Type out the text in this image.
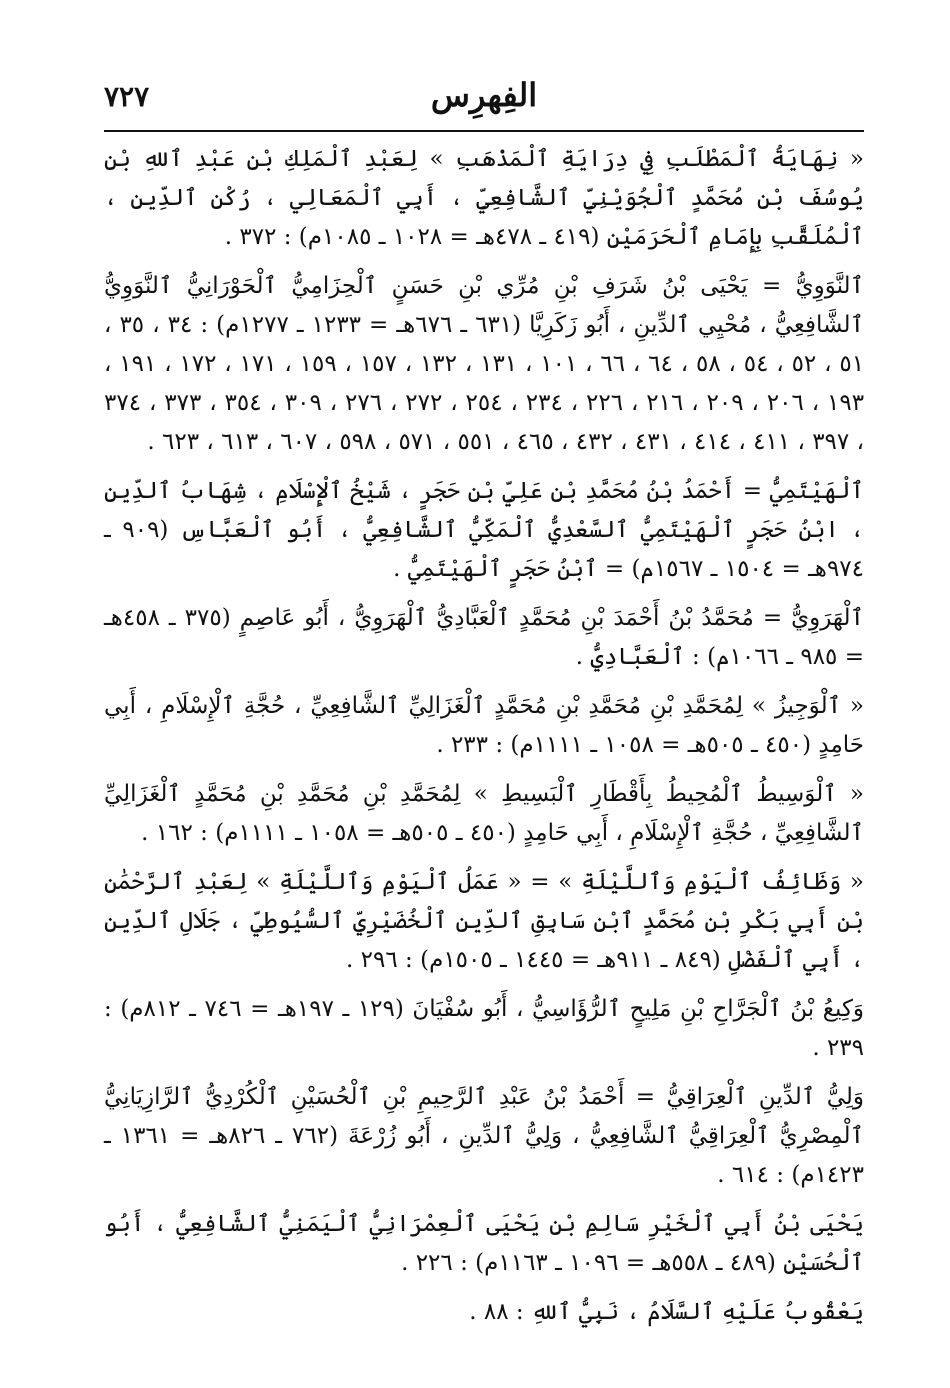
٧٢٧	الفِهرِس

« نِهَايَةُ ٱلْمَطْلَبِ فِي دِرَايَةِ ٱلْمَذْهَبِ » لِعَبْدِ ٱلْمَلِكِ بْنِ عَبْدِ ٱللهِ بْنِ يُوسُفَ بْنِ مُحَمَّدٍ ٱلْجُوَيْنِيِّ ٱلشَّافِعِيِّ ، أَبِي ٱلْمَعَالِي ، رُكْنِ ٱلدِّينِ ، ٱلْمُلَقَّبِ بِإِمَامِ ٱلْحَرَمَيْنِ (٤١٩ ـ ٤٧٨هـ = ١٠٢٨ ـ ١٠٨٥م) : ٣٧٢ .

ٱلنَّوَوِيُّ = يَحْيَى بْنُ شَرَفِ بْنِ مُرِّي بْنِ حَسَنٍ ٱلْحِزَامِيُّ ٱلْحَوْرَانِيُّ ٱلنَّوَوِيُّ ٱلشَّافِعِيُّ ، مُحْيِي ٱلدِّينِ ، أَبُو زَكَرِيَّا (٦٣١ ـ ٦٧٦هـ = ١٢٣٣ ـ ١٢٧٧م) : ٣٤ ، ٣٥ ، ٥١ ، ٥٢ ، ٥٤ ، ٥٨ ، ٦٤ ، ٦٦ ، ١٠١ ، ١٣١ ، ١٣٢ ، ١٥٧ ، ١٥٩ ، ١٧١ ، ١٧٢ ، ١٩١ ، ١٩٣ ، ٢٠٦ ، ٢٠٩ ، ٢١٦ ، ٢٢٦ ، ٢٣٤ ، ٢٥٤ ، ٢٧٢ ، ٢٧٦ ، ٣٠٩ ، ٣٥٤ ، ٣٧٣ ، ٣٧٤ ، ٣٩٧ ، ٤١١ ، ٤١٤ ، ٤٣١ ، ٤٣٢ ، ٤٦٥ ، ٥٥١ ، ٥٧١ ، ٥٩٨ ، ٦٠٧ ، ٦١٣ ، ٦٢٣ .

ٱلْهَيْتَمِيُّ = أَحْمَدُ بْنُ مُحَمَّدِ بْنِ عَلِيِّ بْنِ حَجَرٍ ، شَيْخُ ٱلْإِسْلَامِ ، شِهَابُ ٱلدِّينِ ، ابْنُ حَجَرٍ ٱلْهَيْتَمِيُّ ٱلسَّعْدِيُّ ٱلْمَكِّيُّ ٱلشَّافِعِيُّ ، أَبُو ٱلْعَبَّاسِ (٩٠٩ ـ ٩٧٤هـ = ١٥٠٤ ـ ١٥٦٧م) = ٱبْنُ حَجَرٍ ٱلْهَيْتَمِيُّ .

ٱلْهَرَوِيُّ = مُحَمَّدُ بْنُ أَحْمَدَ بْنِ مُحَمَّدٍ ٱلْعَبَّادِيُّ ٱلْهَرَوِيُّ ، أَبُو عَاصِمٍ (٣٧٥ ـ ٤٥٨هـ = ٩٨٥ ـ ١٠٦٦م) : ٱلْعَبَّادِيُّ .

« ٱلْوَجِيزُ » لِمُحَمَّدِ بْنِ مُحَمَّدِ بْنِ مُحَمَّدٍ ٱلْغَزَالِيِّ ٱلشَّافِعِيِّ ، حُجَّةِ ٱلْإِسْلَامِ ، أَبِي حَامِدٍ (٤٥٠ ـ ٥٠٥هـ = ١٠٥٨ ـ ١١١١م) : ٢٣٣ .

« ٱلْوَسِيطُ ٱلْمُحِيطُ بِأَقْطَارِ ٱلْبَسِيطِ » لِمُحَمَّدِ بْنِ مُحَمَّدِ بْنِ مُحَمَّدٍ ٱلْغَزَالِيِّ ٱلشَّافِعِيِّ ، حُجَّةِ ٱلْإِسْلَامِ ، أَبِي حَامِدٍ (٤٥٠ ـ ٥٠٥هـ = ١٠٥٨ ـ ١١١١م) : ١٦٢ .

« وَظَائِفُ ٱلْيَوْمِ وَٱللَّيْلَةِ » = « عَمَلُ ٱلْيَوْمِ وَٱللَّيْلَةِ » لِعَبْدِ ٱلرَّحْمَٰنِ بْنِ أَبِي بَكْرِ بْنِ مُحَمَّدٍ ٱبْنِ سَابِقِ ٱلدِّينِ ٱلْخُضَيْرِيِّ ٱلسُّيُوطِيِّ ، جَلَالِ ٱلدِّينِ ، أَبِي ٱلْفَضْلِ (٨٤٩ ـ ٩١١هـ = ١٤٤٥ ـ ١٥٠٥م) : ٢٩٦ .

وَكِيعُ بْنُ ٱلْجَرَّاحِ بْنِ مَلِيحٍ ٱلرُّؤَاسِيُّ ، أَبُو سُفْيَانَ (١٢٩ ـ ١٩٧هـ = ٧٤٦ ـ ٨١٢م) : ٢٣٩ .

وَلِيُّ ٱلدِّينِ ٱلْعِرَاقِيُّ = أَحْمَدُ بْنُ عَبْدِ ٱلرَّحِيمِ بْنِ ٱلْحُسَيْنِ ٱلْكُرْدِيُّ ٱلرَّازِيَانِيُّ ٱلْمِصْرِيُّ ٱلْعِرَاقِيُّ ٱلشَّافِعِيُّ ، وَلِيُّ ٱلدِّينِ ، أَبُو زُرْعَةَ (٧٦٢ ـ ٨٢٦هـ = ١٣٦١ ـ ١٤٢٣م) : ٦١٤ .

يَحْيَى بْنُ أَبِي ٱلْخَيْرِ سَالِمِ بْنِ يَحْيَى ٱلْعِمْرَانِيُّ ٱلْيَمَنِيُّ ٱلشَّافِعِيُّ ، أَبُو ٱلْحُسَيْنِ (٤٨٩ ـ ٥٥٨هـ = ١٠٩٦ ـ ١١٦٣م) : ٢٢٦ .

يَعْقُوبُ عَلَيْهِ ٱلسَّلَامُ ، نَبِيُّ ٱللهِ : ٨٨ .
